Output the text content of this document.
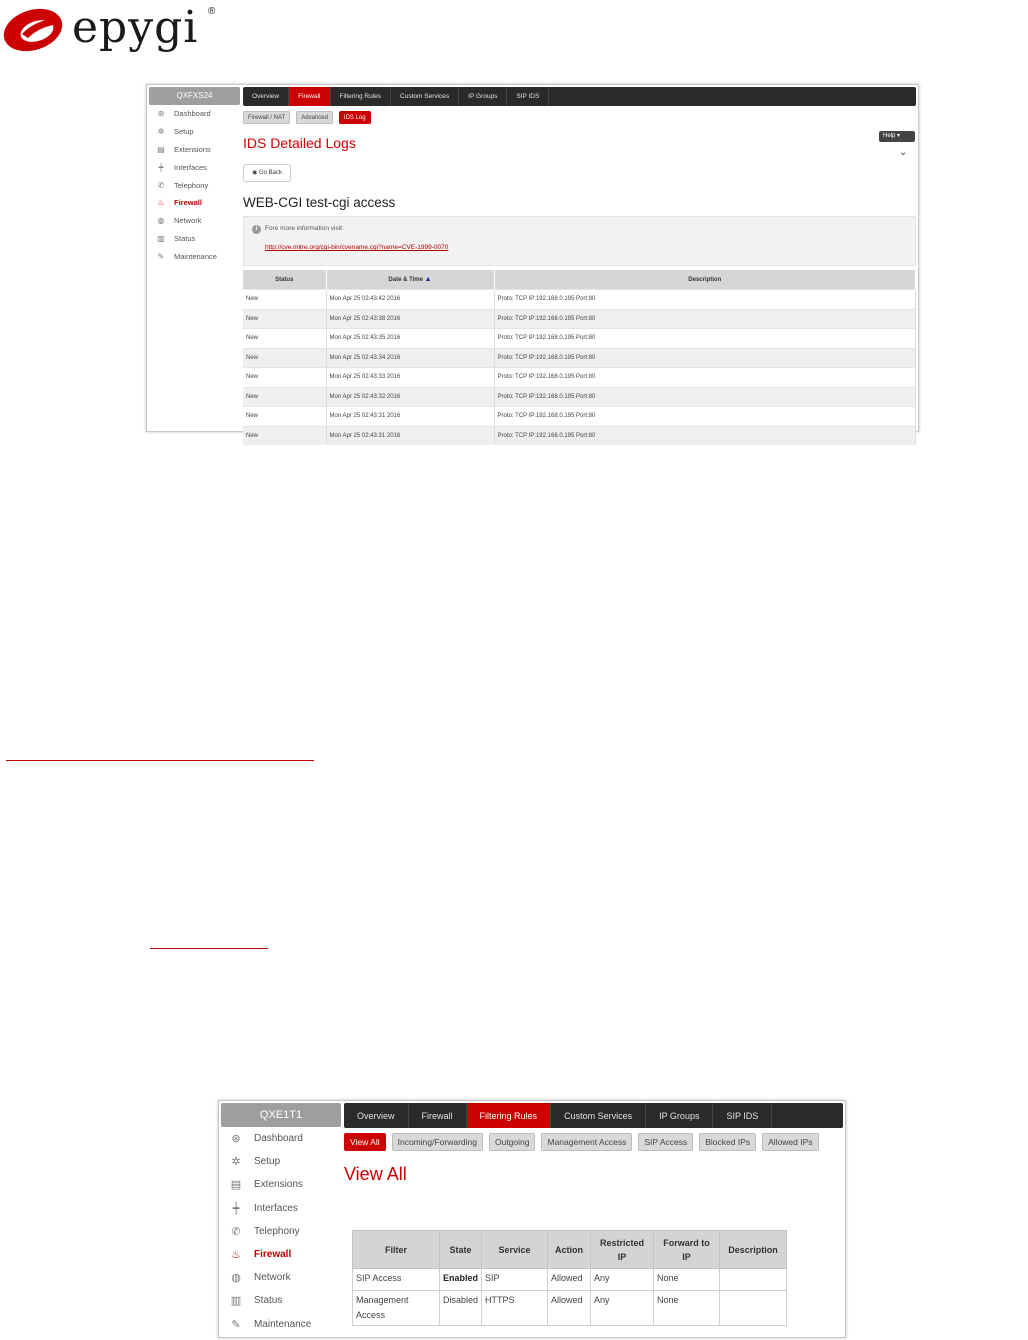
epygi ®
QXFXS24
⊛	Dashboard
✲	Setup
▤ Extensions
┿	Interfaces
✆	Telephony
♨	Firewall
◍	Network
▥ Status
✎	Maintenance
Overview	Firewall	Filtering Rules	Custom Services	IP Groups	SIP IDS
Firewall / NAT	Advanced	IDS Log
IDS Detailed Logs	Help ▾
⌄
◉ Go Back
WEB-CGI test-cgi access
i	Fore more information visit:
http://cve.mitre.org/cgi-bin/cvename.cgi?name=CVE-1999-0070
Status	Date & Time ▲	Description
New	Mon Apr 25 02:43:42 2016	Proto: TCP IP:192.168.0.195 Port:80
New	Mon Apr 25 02:43:38 2016	Proto: TCP IP:192.168.0.195 Port:80
New	Mon Apr 25 02:43:35 2016	Proto: TCP IP:192.168.0.195 Port:80
New	Mon Apr 25 02:43:34 2016	Proto: TCP IP:192.168.0.195 Port:80
New	Mon Apr 25 02:43:33 2016	Proto: TCP IP:192.168.0.195 Port:80
New	Mon Apr 25 02:43:32 2016	Proto: TCP IP:192.168.0.195 Port:80
New	Mon Apr 25 02:43:31 2016	Proto: TCP IP:192.168.0.195 Port:80
New	Mon Apr 25 02:43:31 2016	Proto: TCP IP:192.168.0.195 Port:80
QXE1T1
⊛ Dashboard
✲ Setup
▤ Extensions
┿	Interfaces
✆ Telephony
♨ Firewall
◍ Network
▥ Status
✎ Maintenance
Overview	Firewall	Filtering Rules	Custom Services	IP Groups	SIP IDS
View All	Incoming/Forwarding	Outgoing	Management Access	SIP Access	Blocked IPs	Allowed IPs
View All
Filter	State	Service	Action	Restricted IP	Forward to IP	Description
SIP Access	Enabled	SIP	Allowed	Any	None	
Management Access	Disabled	HTTPS	Allowed	Any	None	
